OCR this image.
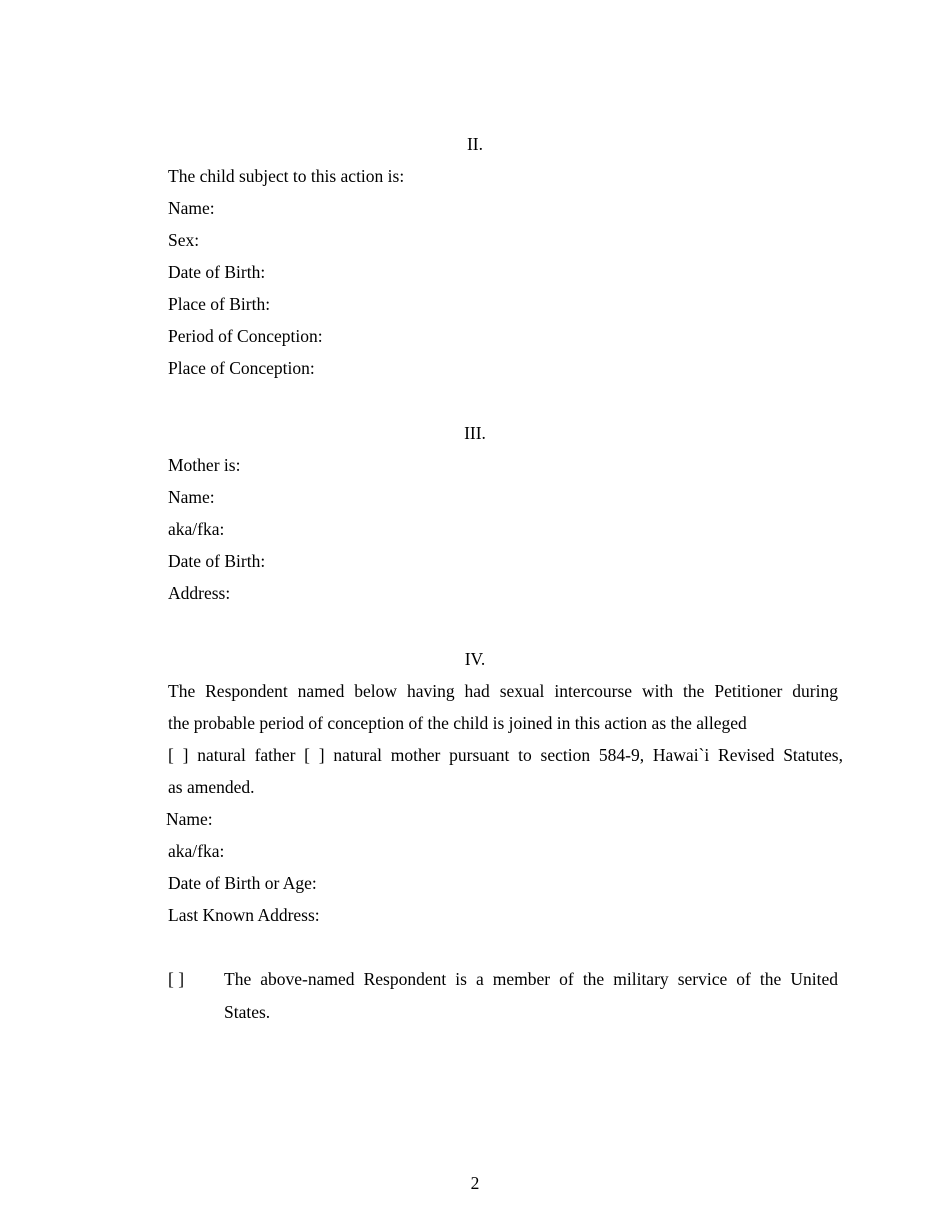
II.
The child subject to this action is:
Name:
Sex:
Date of Birth:
Place of Birth:
Period of Conception:
Place of Conception:
III.
Mother is:
Name:
aka/fka:
Date of Birth:
Address:
IV.
The Respondent named below having had sexual intercourse with the Petitioner during
the probable period of conception of the child is joined in this action as the alleged
[ ] natural father [ ] natural mother pursuant to section 584-9, Hawai`i Revised Statutes,
as amended.
Name:
aka/fka:
Date of Birth or Age:
Last Known Address:
[ ] The above-named Respondent is a member of the military service of the United
States.
2
